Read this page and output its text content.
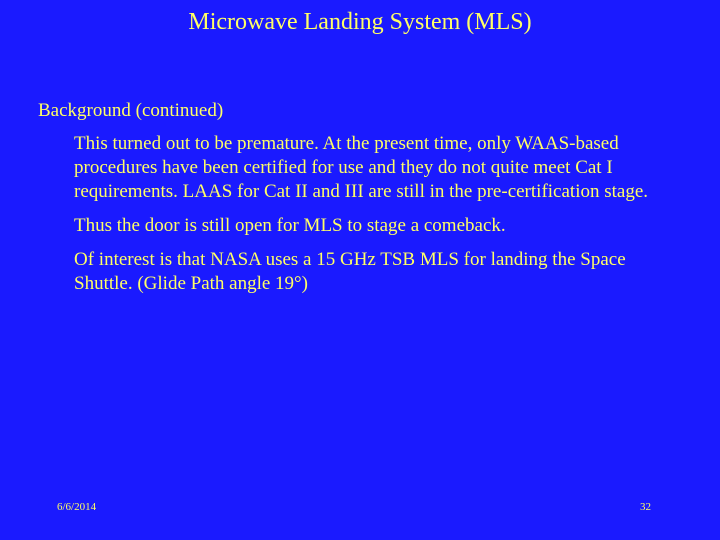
Microwave Landing System (MLS)
Background (continued)

This turned out to be premature. At the present time, only WAAS-based procedures have been certified for use and they do not quite meet Cat I requirements. LAAS for Cat II and III are still in the pre-certification stage.

Thus the door is still open for MLS to stage a comeback.

Of interest is that NASA uses a 15 GHz TSB MLS for landing the Space Shuttle. (Glide Path angle 19°)

6/6/2014	32
